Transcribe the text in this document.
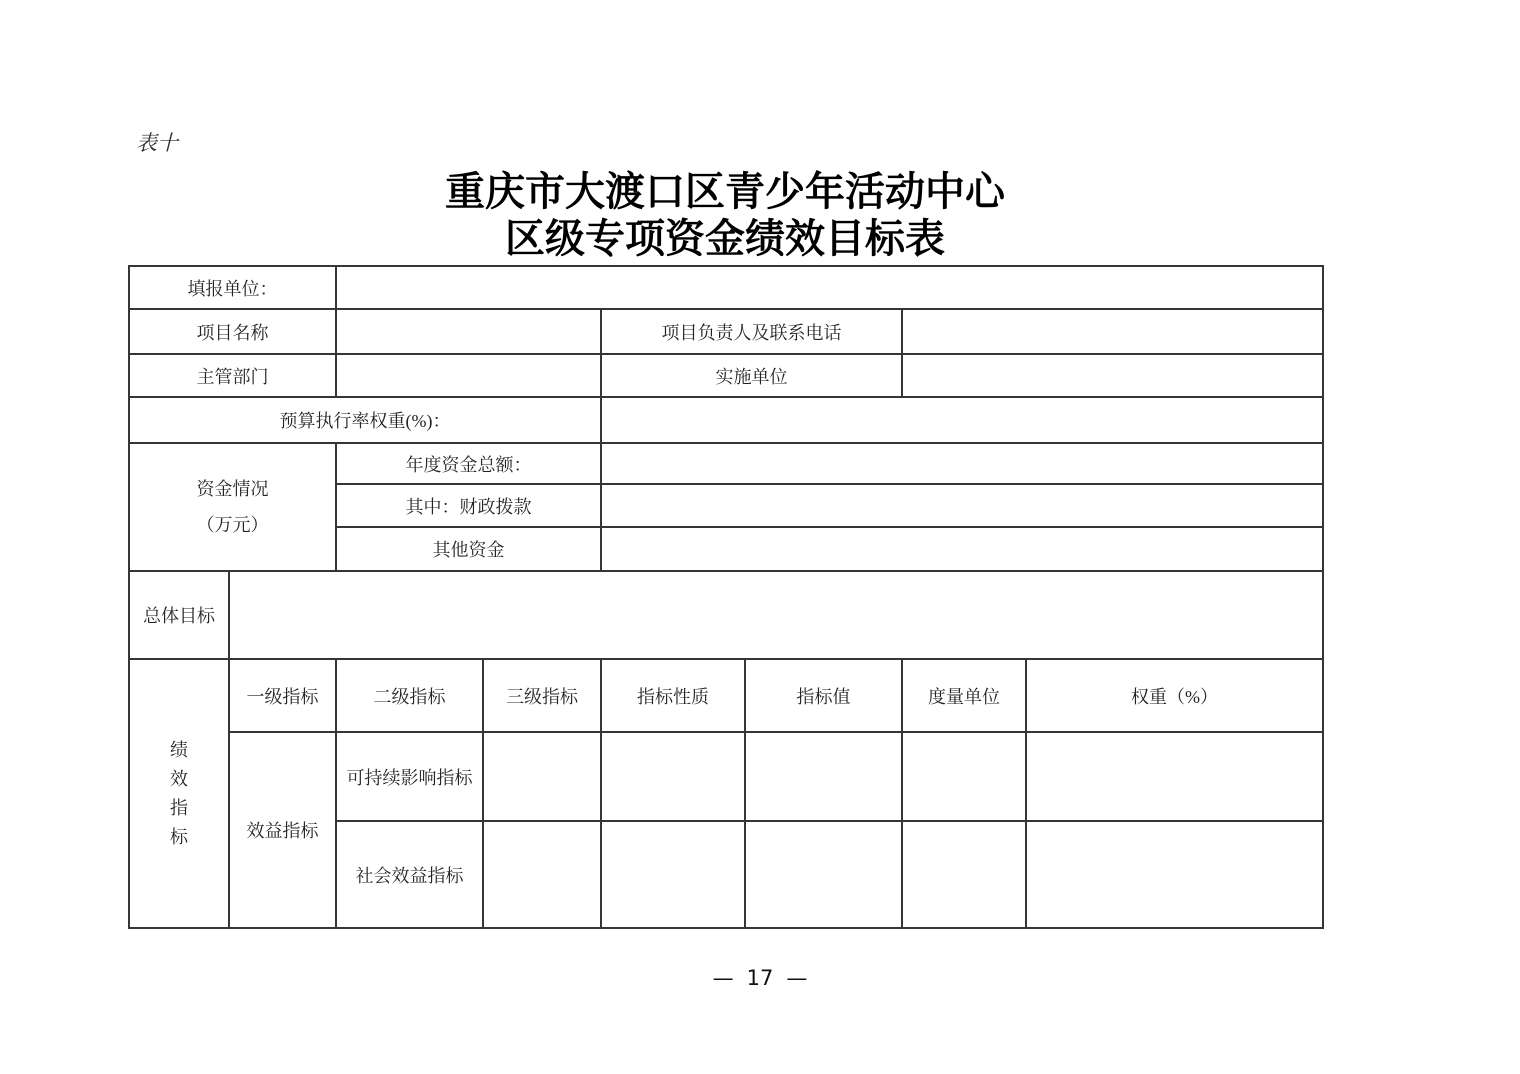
表十
重庆市大渡口区青少年活动中心
区级专项资金绩效目标表
填报单位：							
项目名称				项目负责人及联系电话			
主管部门				实施单位			
预算执行率权重(%)：							

资金情况
（万元）		年度资金总额：					
		其中：财政拨款					
		其他资金					
总体目标							

绩
效
指
标	一级指标	二级指标	三级指标	指标性质	指标值	度量单位	权重（%）
	效益指标	可持续影响指标					
		社会效益指标					
— 17 —
